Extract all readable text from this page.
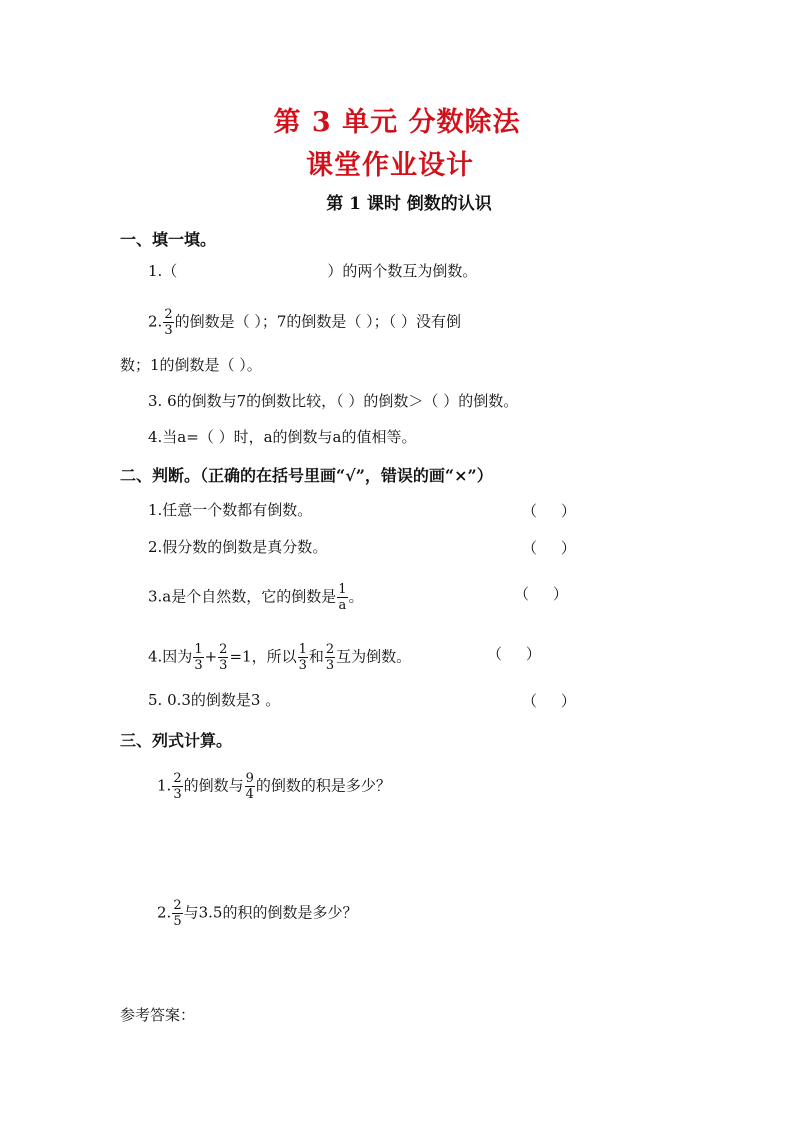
第 3 单元 分数除法
课堂作业设计
第 1 课时 倒数的认识
一、填一填。
1.（	）的两个数互为倒数。
2. $\frac{2}{3}$ 的倒数是（ ）；7的倒数是（ ）；（ ）没有倒
数；1的倒数是（ ）。
3. 6的倒数与7的倒数比较，（ ）的倒数＞（ ）的倒数。
4.当a=（ ）时，a的倒数与a的值相等。
二、判断。（正确的在括号里画“√”，错误的画“×”）
1.任意一个数都有倒数。	（     ）
2.假分数的倒数是真分数。	（     ）
3.a是个自然数，它的倒数是 $\frac{1}{a}$ 。	（     ）
4.因为 $\frac{1}{3} + \frac{2}{3} =1$，所以 $\frac{1}{3}$ 和 $\frac{2}{3}$ 互为倒数。	（     ）
5. 0.3的倒数是3 。	（     ）
三、列式计算。
1. $\frac{2}{3}$ 的倒数与 $\frac{9}{4}$ 的倒数的积是多少？
2. $\frac{2}{5}$ 与3.5的积的倒数是多少？
参考答案：
